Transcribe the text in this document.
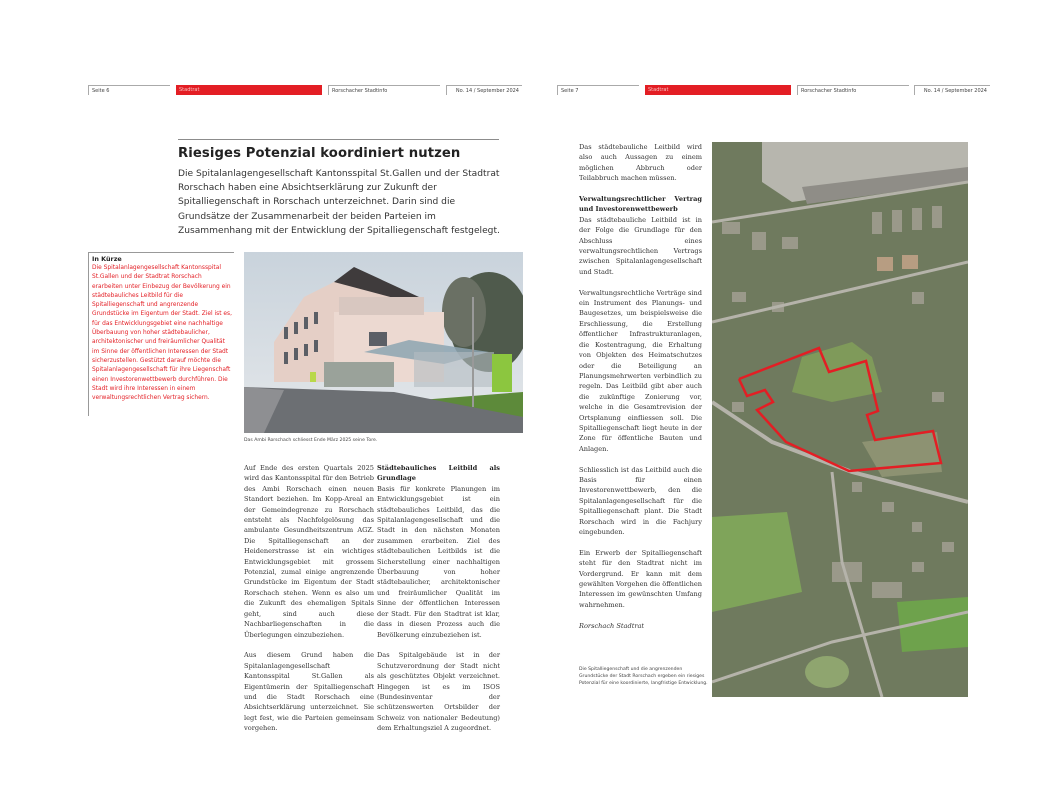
Seite 6	Stadtrat	Rorschacher Stadtinfo	No. 14 / September 2024	Seite 7	Stadtrat	Rorschacher Stadtinfo	No. 14 / September 2024
Riesiges Potenzial koordiniert nutzen
Die Spitalanlagengesellschaft Kantonsspital St.Gallen und der Stadtrat Rorschach haben eine Absichtserklärung zur Zukunft der Spitalliegenschaft in Rorschach unterzeichnet. Darin sind die Grundsätze der Zusammenarbeit der beiden Parteien im Zusammenhang mit der Entwicklung der Spitalliegenschaft festgelegt.
In Kürze
Die Spitalanlagengesellschaft Kantonsspital St.Gallen und der Stadtrat Rorschach erarbeiten unter Einbezug der Bevölkerung ein städtebauliches Leitbild für die Spitalliegenschaft und angrenzende Grundstücke im Eigentum der Stadt. Ziel ist es, für das Entwicklungsgebiet eine nachhaltige Überbauung von hoher städtebaulicher, architektonischer und freiräumlicher Qualität im Sinne der öffentlichen Interessen der Stadt sicherzustellen. Gestützt darauf möchte die Spitalanlagengesellschaft für ihre Liegenschaft einen Investorenwettbewerb durchführen. Die Stadt wird ihre Interessen in einem verwaltungsrechtlichen Vertrag sichern.
Das Ambi Rorschach schliesst Ende März 2025 seine Tore.

Auf Ende des ersten Quartals 2025 wird das Kantonsspital für den Betrieb des Ambi Rorschach einen neuen Standort beziehen. Im Kopp-Areal an der Gemeindegrenze zu Rorschach entsteht als Nachfolgelösung das ambulante Gesundheitszentrum AGZ. Die Spitalliegenschaft an der Heidenerstrasse ist ein wichtiges Entwicklungsgebiet mit grossem Potenzial, zumal einige angrenzende Grundstücke im Eigentum der Stadt Rorschach stehen. Wenn es also um die Zukunft des ehemaligen Spitals geht, sind auch diese Nachbarliegenschaften in die Überlegungen einzubeziehen.

Aus diesem Grund haben die Spitalanlagengesellschaft Kantonsspital St.Gallen als Eigentümerin der Spitalliegenschaft und die Stadt Rorschach eine Absichtserklärung unterzeichnet. Sie legt fest, wie die Parteien gemeinsam vorgehen.

Städtebauliches Leitbild als Grundlage

Basis für konkrete Planungen im Entwicklungsgebiet ist ein städtebauliches Leitbild, das die Spitalanlagengesellschaft und die Stadt in den nächsten Monaten zusammen erarbeiten. Ziel des städtebaulichen Leitbilds ist die Sicherstellung einer nachhaltigen Überbauung von hoher städtebaulicher, architektonischer und freiräumlicher Qualität im Sinne der öffentlichen Interessen der Stadt. Für den Stadtrat ist klar, dass in diesen Prozess auch die Bevölkerung einzubeziehen ist.

Das Spitalgebäude ist in der Schutzverordnung der Stadt nicht als geschütztes Objekt verzeichnet. Hingegen ist es im ISOS (Bundesinventar der schützenswerten Ortsbilder der Schweiz von nationaler Bedeutung) dem Erhaltungsziel A zugeordnet.

Das städtebauliche Leitbild wird also auch Aussagen zu einem möglichen Abbruch oder Teilabbruch machen müssen.

Verwaltungsrechtlicher Vertrag und Investorenwettbewerb

Das städtebauliche Leitbild ist in der Folge die Grundlage für den Abschluss eines verwaltungsrechtlichen Vertrags zwischen Spitalanlagengesellschaft und Stadt.

Verwaltungsrechtliche Verträge sind ein Instrument des Planungs- und Baugesetzes, um beispielsweise die Erschliessung, die Erstellung öffentlicher Infrastrukturanlagen, die Kostentragung, die Erhaltung von Objekten des Heimatschutzes oder die Beteiligung an Planungsmehrwerten verbindlich zu regeln. Das Leitbild gibt aber auch die zukünftige Zonierung vor, welche in die Gesamtrevision der Ortsplanung einfliessen soll. Die Spitalliegenschaft liegt heute in der Zone für öffentliche Bauten und Anlagen.

Schliesslich ist das Leitbild auch die Basis für einen Investorenwettbewerb, den die Spitalanlagengesellschaft für die Spitalliegenschaft plant. Die Stadt Rorschach wird in die Fachjury eingebunden.

Ein Erwerb der Spitalliegenschaft steht für den Stadtrat nicht im Vordergrund. Er kann mit dem gewählten Vorgehen die öffentlichen Interessen im gewünschten Umfang wahrnehmen.

Rorschach Stadtrat

Die Spitalliegenschaft und die angrenzenden Grundstücke der Stadt Rorschach ergeben ein riesiges Potenzial für eine koordinierte, langfristige Entwicklung.
